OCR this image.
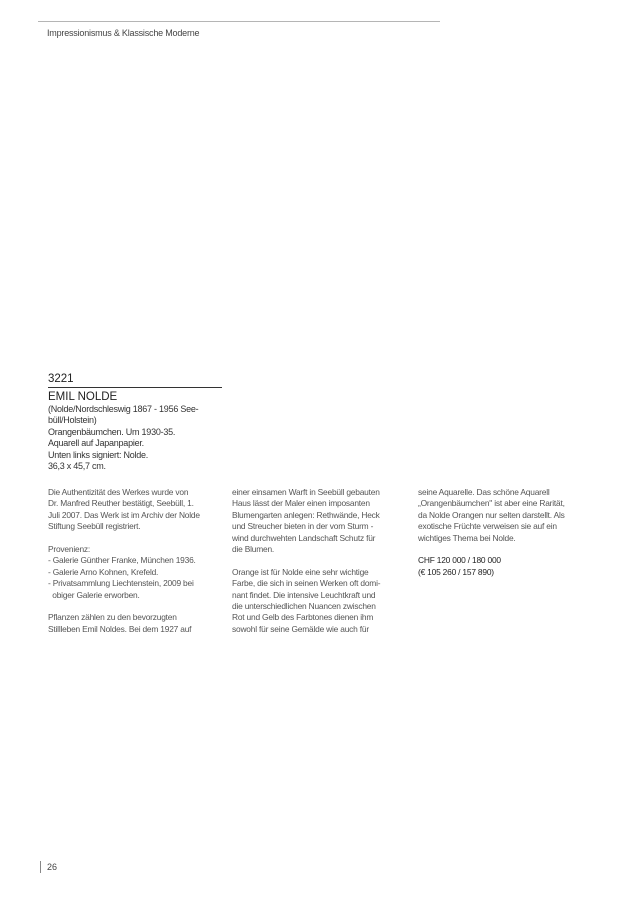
Impressionismus & Klassische Moderne
3221
EMIL NOLDE
(Nolde/Nordschleswig 1867 - 1956 See-
büll/Holstein)
Orangenbäumchen. Um 1930-35.
Aquarell auf Japanpapier.
Unten links signiert: Nolde.
36,3 x 45,7 cm.
Die Authentizität des Werkes wurde von
Dr. Manfred Reuther bestätigt, Seebüll, 1.
Juli 2007. Das Werk ist im Archiv der Nolde
Stiftung Seebüll registriert.
Provenienz:
- Galerie Günther Franke, München 1936.
- Galerie Arno Kohnen, Krefeld.
- Privatsammlung Liechtenstein, 2009 bei
obiger Galerie erworben.
Pflanzen zählen zu den bevorzugten
Stillleben Emil Noldes. Bei dem 1927 auf
einer einsamen Warft in Seebüll gebauten
Haus lässt der Maler einen imposanten
Blumengarten anlegen: Rethwände, Heck
und Streucher bieten in der vom Sturm -
wind durchwehten Landschaft Schutz für
die Blumen.
Orange ist für Nolde eine sehr wichtige
Farbe, die sich in seinen Werken oft domi-
nant findet. Die intensive Leuchtkraft und
die unterschiedlichen Nuancen zwischen
Rot und Gelb des Farbtones dienen ihm
sowohl für seine Gemälde wie auch für
seine Aquarelle. Das schöne Aquarell
„Orangenbäumchen" ist aber eine Rarität,
da Nolde Orangen nur selten darstellt. Als
exotische Früchte verweisen sie auf ein
wichtiges Thema bei Nolde.
CHF 120 000 / 180 000
(€ 105 260 / 157 890)
26
